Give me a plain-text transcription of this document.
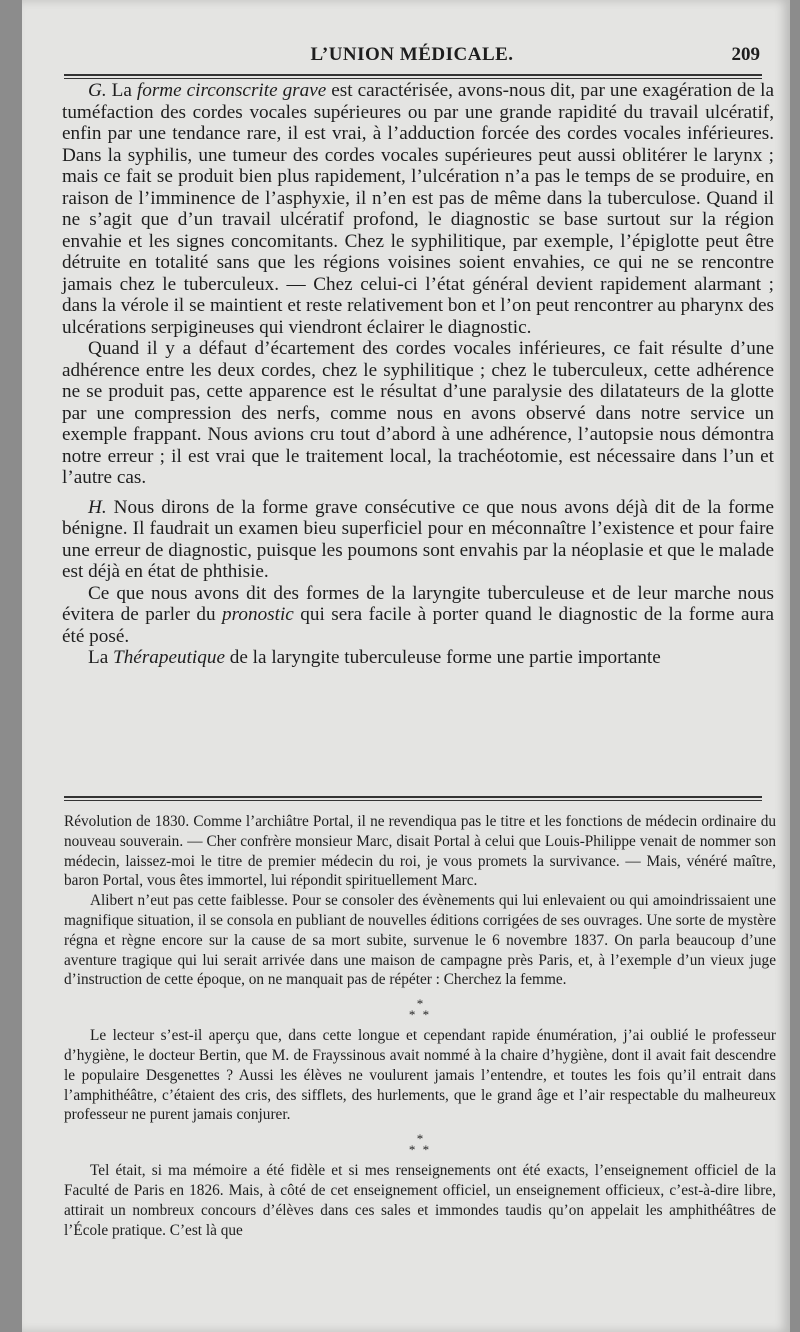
L’UNION MÉDICALE.	209

G. La forme circonscrite grave est caractérisée, avons-nous dit, par une exagération de la tuméfaction des cordes vocales supérieures ou par une grande rapidité du travail ulcératif, enfin par une tendance rare, il est vrai, à l’adduction forcée des cordes vocales inférieures. Dans la syphilis, une tumeur des cordes vocales supérieures peut aussi oblitérer le larynx ; mais ce fait se produit bien plus rapidement, l’ulcération n’a pas le temps de se produire, en raison de l’imminence de l’asphyxie, il n’en est pas de même dans la tuberculose. Quand il ne s’agit que d’un travail ulcératif profond, le diagnostic se base surtout sur la région envahie et les signes concomitants. Chez le syphilitique, par exemple, l’épiglotte peut être détruite en totalité sans que les régions voisines soient envahies, ce qui ne se rencontre jamais chez le tuberculeux. — Chez celui-ci l’état général devient rapidement alarmant ; dans la vérole il se maintient et reste relativement bon et l’on peut rencontrer au pharynx des ulcérations serpigineuses qui viendront éclairer le diagnostic.

Quand il y a défaut d’écartement des cordes vocales inférieures, ce fait résulte d’une adhérence entre les deux cordes, chez le syphilitique ; chez le tuberculeux, cette adhérence ne se produit pas, cette apparence est le résultat d’une paralysie des dilatateurs de la glotte par une compression des nerfs, comme nous en avons observé dans notre service un exemple frappant. Nous avions cru tout d’abord à une adhérence, l’autopsie nous démontra notre erreur ; il est vrai que le traitement local, la trachéotomie, est nécessaire dans l’un et l’autre cas.

H. Nous dirons de la forme grave consécutive ce que nous avons déjà dit de la forme bénigne. Il faudrait un examen bieu superficiel pour en méconnaître l’existence et pour faire une erreur de diagnostic, puisque les poumons sont envahis par la néoplasie et que le malade est déjà en état de phthisie.

Ce que nous avons dit des formes de la laryngite tuberculeuse et de leur marche nous évitera de parler du pronostic qui sera facile à porter quand le diagnostic de la forme aura été posé.

La Thérapeutique de la laryngite tuberculeuse forme une partie importante

Révolution de 1830. Comme l’archiâtre Portal, il ne revendiqua pas le titre et les fonctions de médecin ordinaire du nouveau souverain. — Cher confrère monsieur Marc, disait Portal à celui que Louis-Philippe venait de nommer son médecin, laissez-moi le titre de premier médecin du roi, je vous promets la survivance. — Mais, vénéré maître, baron Portal, vous êtes immortel, lui répondit spirituellement Marc.

Alibert n’eut pas cette faiblesse. Pour se consoler des évènements qui lui enlevaient ou qui amoindrissaient une magnifique situation, il se consola en publiant de nouvelles éditions corrigées de ses ouvrages. Une sorte de mystère régna et règne encore sur la cause de sa mort subite, survenue le 6 novembre 1837. On parla beaucoup d’une aventure tragique qui lui serait arrivée dans une maison de campagne près Paris, et, à l’exemple d’un vieux juge d’instruction de cette époque, on ne manquait pas de répéter : Cherchez la femme.

*
* *

Le lecteur s’est-il aperçu que, dans cette longue et cependant rapide énumération, j’ai oublié le professeur d’hygiène, le docteur Bertin, que M. de Frayssinous avait nommé à la chaire d’hygiène, dont il avait fait descendre le populaire Desgenettes ? Aussi les élèves ne voulurent jamais l’entendre, et toutes les fois qu’il entrait dans l’amphithéâtre, c’étaient des cris, des sifflets, des hurlements, que le grand âge et l’air respectable du malheureux professeur ne purent jamais conjurer.

*
* *

Tel était, si ma mémoire a été fidèle et si mes renseignements ont été exacts, l’enseignement officiel de la Faculté de Paris en 1826. Mais, à côté de cet enseignement officiel, un enseignement officieux, c’est-à-dire libre, attirait un nombreux concours d’élèves dans ces sales et immondes taudis qu’on appelait les amphithéâtres de l’École pratique. C’est là que
